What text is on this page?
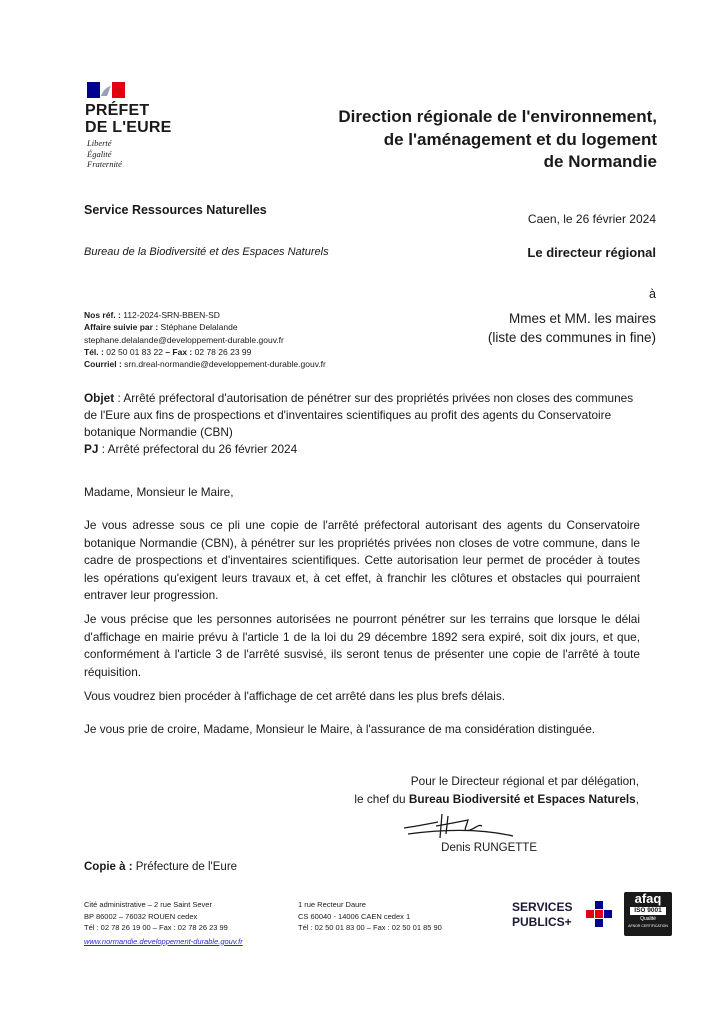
PRÉFET
DE L'EURE
Liberté
Égalité
Fraternité
Direction régionale de l'environnement,
de l'aménagement et du logement
de Normandie
Service Ressources Naturelles
Bureau de la Biodiversité et des Espaces Naturels
Caen, le 26 février 2024
Le directeur régional
à
Mmes et MM. les maires
(liste des communes in fine)
Nos réf. : 112-2024-SRN-BBEN-SD
Affaire suivie par : Stéphane Delalande
stephane.delalande@developpement-durable.gouv.fr
Tél. : 02 50 01 83 22 – Fax : 02 78 26 23 99
Courriel : srn.dreal-normandie@developpement-durable.gouv.fr
Objet : Arrêté préfectoral d'autorisation de pénétrer sur des propriétés privées non closes des communes de l'Eure aux fins de prospections et d'inventaires scientifiques au profit des agents du Conservatoire botanique Normandie (CBN)
PJ : Arrêté préfectoral du 26 février 2024
Madame, Monsieur le Maire,
Je vous adresse sous ce pli une copie de l'arrêté préfectoral autorisant des agents du Conservatoire botanique Normandie (CBN), à pénétrer sur les propriétés privées non closes de votre commune, dans le cadre de prospections et d'inventaires scientifiques. Cette autorisation leur permet de procéder à toutes les opérations qu'exigent leurs travaux et, à cet effet, à franchir les clôtures et obstacles qui pourraient entraver leur progression.
Je vous précise que les personnes autorisées ne pourront pénétrer sur les terrains que lorsque le délai d'affichage en mairie prévu à l'article 1 de la loi du 29 décembre 1892 sera expiré, soit dix jours, et que, conformément à l'article 3 de l'arrêté susvisé, ils seront tenus de présenter une copie de l'arrêté à toute réquisition.
Vous voudrez bien procéder à l'affichage de cet arrêté dans les plus brefs délais.
Je vous prie de croire, Madame, Monsieur le Maire, à l'assurance de ma considération distinguée.
Pour le Directeur régional et par délégation,
le chef du Bureau Biodiversité et Espaces Naturels,
Denis RUNGETTE
Copie à : Préfecture de l'Eure
Cité administrative – 2 rue Saint Sever
BP 86002 – 76032 ROUEN cedex
Tél : 02 78 26 19 00 – Fax : 02 78 26 23 99
www.normandie.developpement-durable.gouv.fr
1 rue Recteur Daure
CS 60040 - 14006 CAEN cedex 1
Tél : 02 50 01 83 00 – Fax : 02 50 01 85 90
SERVICES
PUBLICS+
afaq
ISO 9001
Qualité
AFNOR CERTIFICATION
